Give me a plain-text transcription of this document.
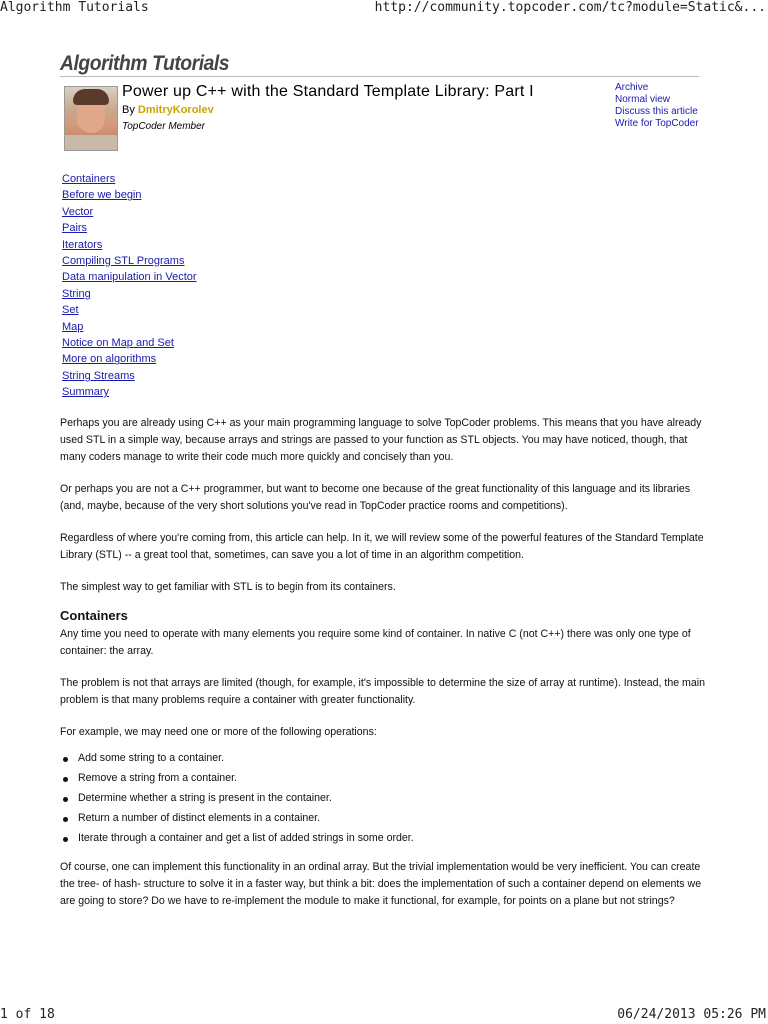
Algorithm Tutorials	http://community.topcoder.com/tc?module=Static&...
Algorithm Tutorials
Power up C++ with the Standard Template Library: Part I
By DmitryKorolev
TopCoder Member
Archive
Normal view
Discuss this article
Write for TopCoder
Containers
Before we begin
Vector
Pairs
Iterators
Compiling STL Programs
Data manipulation in Vector
String
Set
Map
Notice on Map and Set
More on algorithms
String Streams
Summary

Perhaps you are already using C++ as your main programming language to solve TopCoder problems. This means that you have already used STL in a simple way, because arrays and strings are passed to your function as STL objects. You may have noticed, though, that many coders manage to write their code much more quickly and concisely than you.

Or perhaps you are not a C++ programmer, but want to become one because of the great functionality of this language and its libraries (and, maybe, because of the very short solutions you've read in TopCoder practice rooms and competitions).

Regardless of where you're coming from, this article can help. In it, we will review some of the powerful features of the Standard Template Library (STL) -- a great tool that, sometimes, can save you a lot of time in an algorithm competition.

The simplest way to get familiar with STL is to begin from its containers.

Containers

Any time you need to operate with many elements you require some kind of container. In native C (not C++) there was only one type of container: the array.

The problem is not that arrays are limited (though, for example, it's impossible to determine the size of array at runtime). Instead, the main problem is that many problems require a container with greater functionality.

For example, we may need one or more of the following operations:

Add some string to a container.
Remove a string from a container.
Determine whether a string is present in the container.
Return a number of distinct elements in a container.
Iterate through a container and get a list of added strings in some order.

Of course, one can implement this functionality in an ordinal array. But the trivial implementation would be very inefficient. You can create the tree- of hash- structure to solve it in a faster way, but think a bit: does the implementation of such a container depend on elements we are going to store? Do we have to re-implement the module to make it functional, for example, for points on a plane but not strings?

1 of 18	06/24/2013 05:26 PM
